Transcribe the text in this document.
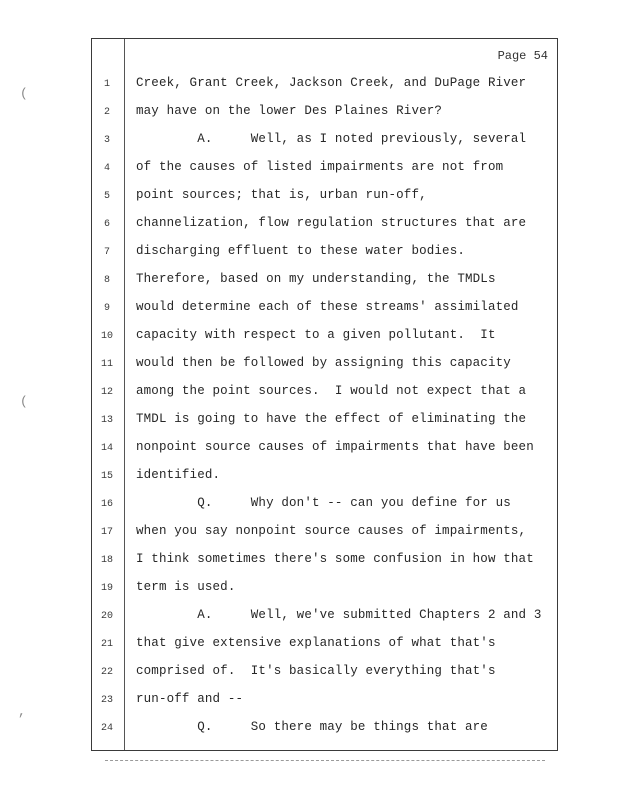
Page 54
1	Creek, Grant Creek, Jackson Creek, and DuPage River
2	may have on the lower Des Plaines River?
3	A.     Well, as I noted previously, several
4	of the causes of listed impairments are not from
5	point sources; that is, urban run-off,
6	channelization, flow regulation structures that are
7	discharging effluent to these water bodies.
8	Therefore, based on my understanding, the TMDLs
9	would determine each of these streams' assimilated
10	capacity with respect to a given pollutant.  It
11	would then be followed by assigning this capacity
12	among the point sources.  I would not expect that a
13	TMDL is going to have the effect of eliminating the
14	nonpoint source causes of impairments that have been
15	identified.
16	Q.     Why don't -- can you define for us
17	when you say nonpoint source causes of impairments,
18	I think sometimes there's some confusion in how that
19	term is used.
20	A.     Well, we've submitted Chapters 2 and 3
21	that give extensive explanations of what that's
22	comprised of.  It's basically everything that's
23	run-off and --
24	Q.     So there may be things that are
(
(
,
